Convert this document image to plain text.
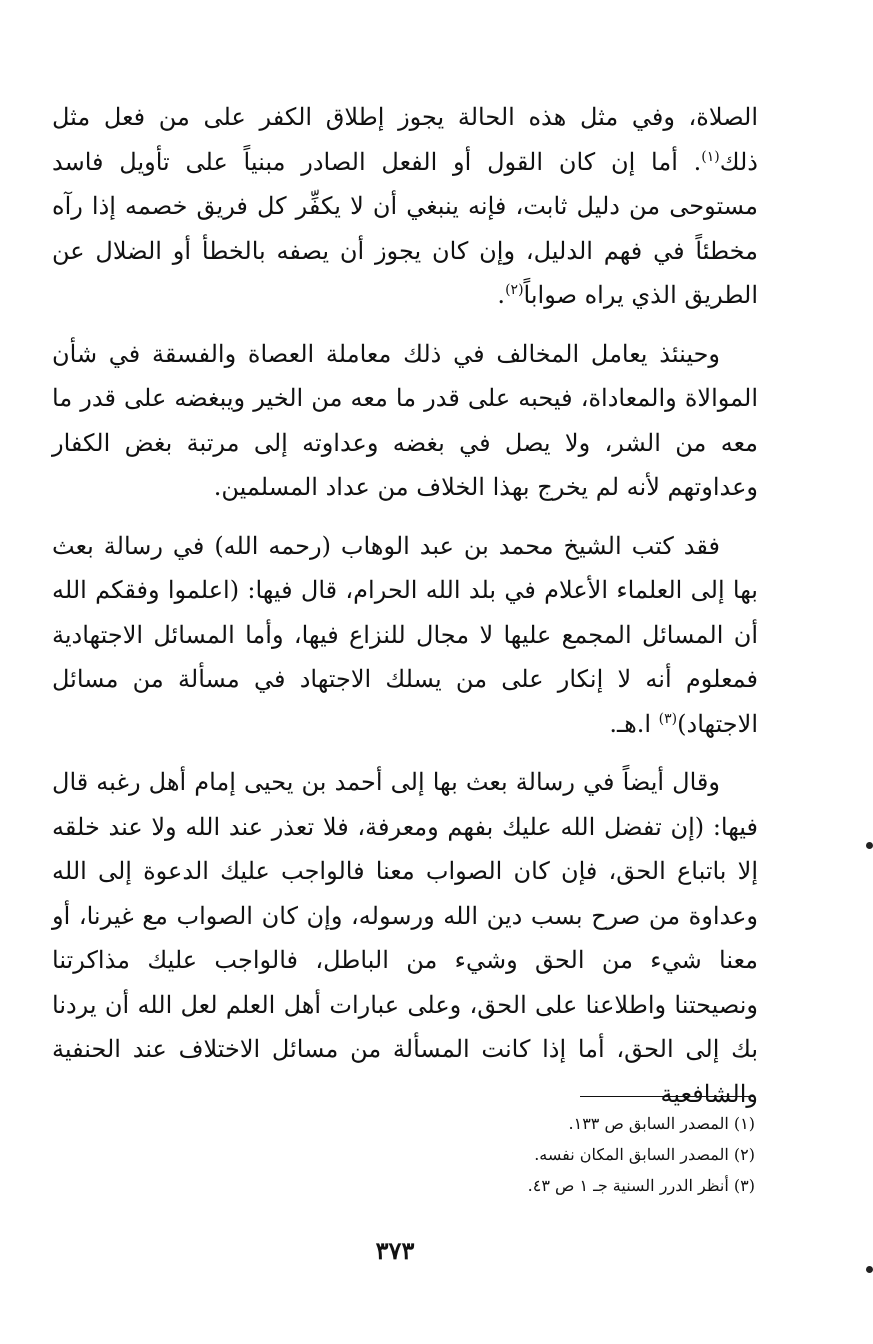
الصلاة، وفي مثل هذه الحالة يجوز إطلاق الكفر على من فعل مثل ذلك$^{(١)}$. أما إن كان القول أو الفعل الصادر مبنياً على تأويل فاسد مستوحى من دليل ثابت، فإنه ينبغي أن لا يكفِّر كل فريق خصمه إذا رآه مخطئاً في فهم الدليل، وإن كان يجوز أن يصفه بالخطأ أو الضلال عن الطريق الذي يراه صواباً$^{(٢)}$.

وحينئذ يعامل المخالف في ذلك معاملة العصاة والفسقة في شأن الموالاة والمعاداة، فيحبه على قدر ما معه من الخير ويبغضه على قدر ما معه من الشر، ولا يصل في بغضه وعداوته إلى مرتبة بغض الكفار وعداوتهم لأنه لم يخرج بهذا الخلاف من عداد المسلمين.

فقد كتب الشيخ محمد بن عبد الوهاب (رحمه الله) في رسالة بعث بها إلى العلماء الأعلام في بلد الله الحرام، قال فيها: (اعلموا وفقكم الله أن المسائل المجمع عليها لا مجال للنزاع فيها، وأما المسائل الاجتهادية فمعلوم أنه لا إنكار على من يسلك الاجتهاد في مسألة من مسائل الاجتهاد)$^{(٣)}$ ا.هـ.

وقال أيضاً في رسالة بعث بها إلى أحمد بن يحيى إمام أهل رغبه قال فيها: (إن تفضل الله عليك بفهم ومعرفة، فلا تعذر عند الله ولا عند خلقه إلا باتباع الحق، فإن كان الصواب معنا فالواجب عليك الدعوة إلى الله وعداوة من صرح بسب دين الله ورسوله، وإن كان الصواب مع غيرنا، أو معنا شيء من الحق وشيء من الباطل، فالواجب عليك مذاكرتنا ونصيحتنا واطلاعنا على الحق، وعلى عبارات أهل العلم لعل الله أن يردنا بك إلى الحق، أما إذا كانت المسألة من مسائل الاختلاف عند الحنفية والشافعية

(١) المصدر السابق ص ١٣٣.
(٢) المصدر السابق المكان نفسه.
(٣) أنظر الدرر السنية جـ ١ ص ٤٣.
٣٧٣
